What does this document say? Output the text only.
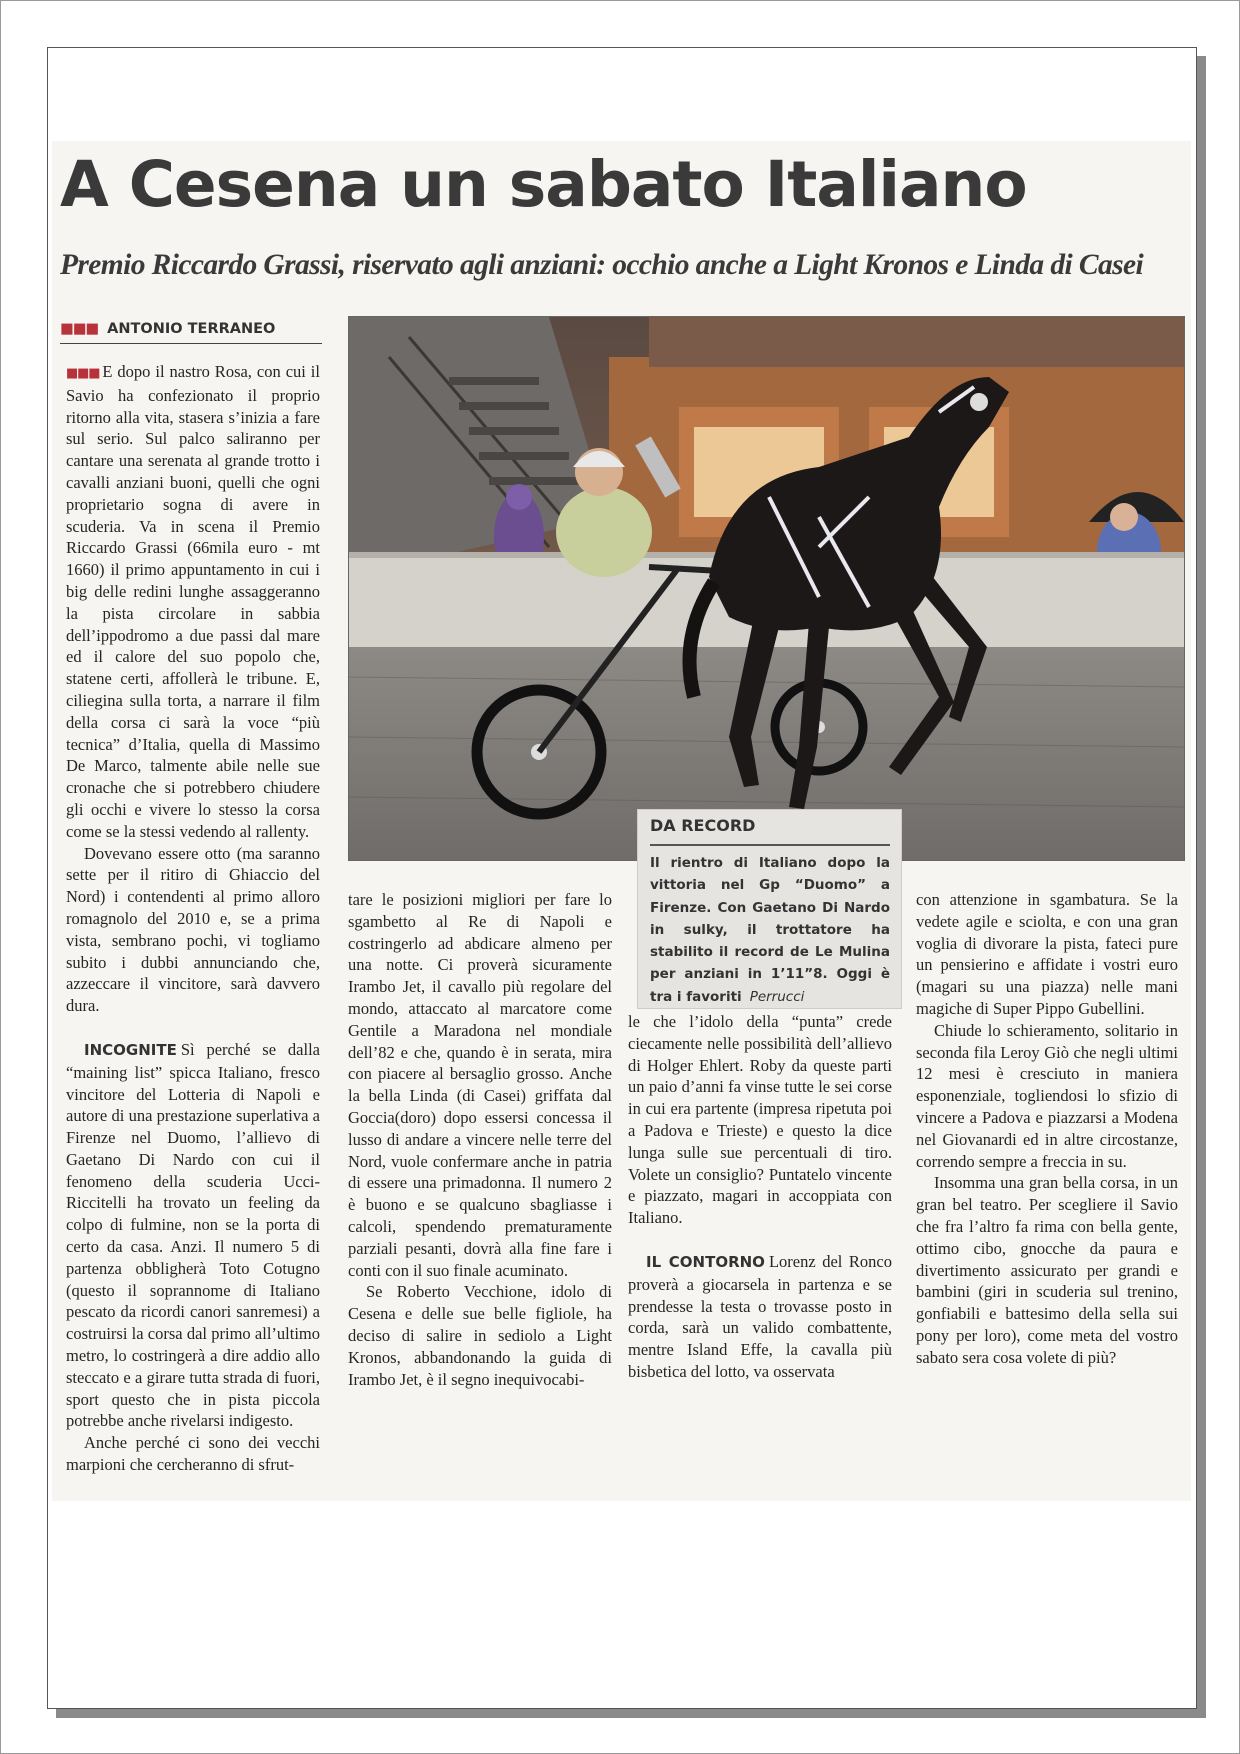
A Cesena un sabato Italiano
Premio Riccardo Grassi, riservato agli anziani: occhio anche a Light Kronos e Linda di Casei
■■■ ANTONIO TERRANEO
DA RECORD

Il rientro di Italiano dopo la vittoria nel Gp “Duomo” a Firenze. Con Gaetano Di Nardo in sulky, il trottatore ha stabilito il record de Le Mulina per anziani in 1’11”8. Oggi è tra i favoriti Perrucci

■■■ E dopo il nastro Rosa, con cui il Savio ha confezionato il proprio ritorno alla vita, stasera s’inizia a fare sul serio. Sul palco saliranno per cantare una serenata al grande trotto i cavalli anziani buoni, quelli che ogni proprietario sogna di avere in scuderia. Va in scena il Premio Riccardo Grassi (66mila euro - mt 1660) il primo appuntamento in cui i big delle redini lunghe assaggeranno la pista circolare in sabbia dell’ippodromo a due passi dal mare ed il calore del suo popolo che, statene certi, affollerà le tribune. E, ciliegina sulla torta, a narrare il film della corsa ci sarà la voce “più tecnica” d’Italia, quella di Massimo De Marco, talmente abile nelle sue cronache che si potrebbero chiudere gli occhi e vivere lo stesso la corsa come se la stessi vedendo al rallenty.

Dovevano essere otto (ma saranno sette per il ritiro di Ghiaccio del Nord) i contendenti al primo alloro romagnolo del 2010 e, se a prima vista, sembrano pochi, vi togliamo subito i dubbi annunciando che, azzeccare il vincitore, sarà davvero dura.

INCOGNITE Sì perché se dalla “maining list” spicca Italiano, fresco vincitore del Lotteria di Napoli e autore di una prestazione superlativa a Firenze nel Duomo, l’allievo di Gaetano Di Nardo con cui il fenomeno della scuderia Ucci-Riccitelli ha trovato un feeling da colpo di fulmine, non se la porta di certo da casa. Anzi. Il numero 5 di partenza obbligherà Toto Cotugno (questo il soprannome di Italiano pescato da ricordi canori sanremesi) a costruirsi la corsa dal primo all’ultimo metro, lo costringerà a dire addio allo steccato e a girare tutta strada di fuori, sport questo che in pista piccola potrebbe anche rivelarsi indigesto.

Anche perché ci sono dei vecchi marpioni che cercheranno di sfrut-

tare le posizioni migliori per fare lo sgambetto al Re di Napoli e costringerlo ad abdicare almeno per una notte. Ci proverà sicuramente Irambo Jet, il cavallo più regolare del mondo, attaccato al marcatore come Gentile a Maradona nel mondiale dell’82 e che, quando è in serata, mira con piacere al bersaglio grosso. Anche la bella Linda (di Casei) griffata dal Goccia(doro) dopo essersi concessa il lusso di andare a vincere nelle terre del Nord, vuole confermare anche in patria di essere una primadonna. Il numero 2 è buono e se qualcuno sbagliasse i calcoli, spendendo prematuramente parziali pesanti, dovrà alla fine fare i conti con il suo finale acuminato.

Se Roberto Vecchione, idolo di Cesena e delle sue belle figliole, ha deciso di salire in sediolo a Light Kronos, abbandonando la guida di Irambo Jet, è il segno inequivocabi-

le che l’idolo della “punta” crede ciecamente nelle possibilità dell’allievo di Holger Ehlert. Roby da queste parti un paio d’anni fa vinse tutte le sei corse in cui era partente (impresa ripetuta poi a Padova e Trieste) e questo la dice lunga sulle sue percentuali di tiro. Volete un consiglio? Puntatelo vincente e piazzato, magari in accoppiata con Italiano.

IL CONTORNO Lorenz del Ronco proverà a giocarsela in partenza e se prendesse la testa o trovasse posto in corda, sarà un valido combattente, mentre Island Effe, la cavalla più bisbetica del lotto, va osservata

con attenzione in sgambatura. Se la vedete agile e sciolta, e con una gran voglia di divorare la pista, fateci pure un pensierino e affidate i vostri euro (magari su una piazza) nelle mani magiche di Super Pippo Gubellini.

Chiude lo schieramento, solitario in seconda fila Leroy Giò che negli ultimi 12 mesi è cresciuto in maniera esponenziale, togliendosi lo sfizio di vincere a Padova e piazzarsi a Modena nel Giovanardi ed in altre circostanze, correndo sempre a freccia in su.

Insomma una gran bella corsa, in un gran bel teatro. Per scegliere il Savio che fra l’altro fa rima con bella gente, ottimo cibo, gnocche da paura e divertimento assicurato per grandi e bambini (giri in scuderia sul trenino, gonfiabili e battesimo della sella sui pony per loro), come meta del vostro sabato sera cosa volete di più?
